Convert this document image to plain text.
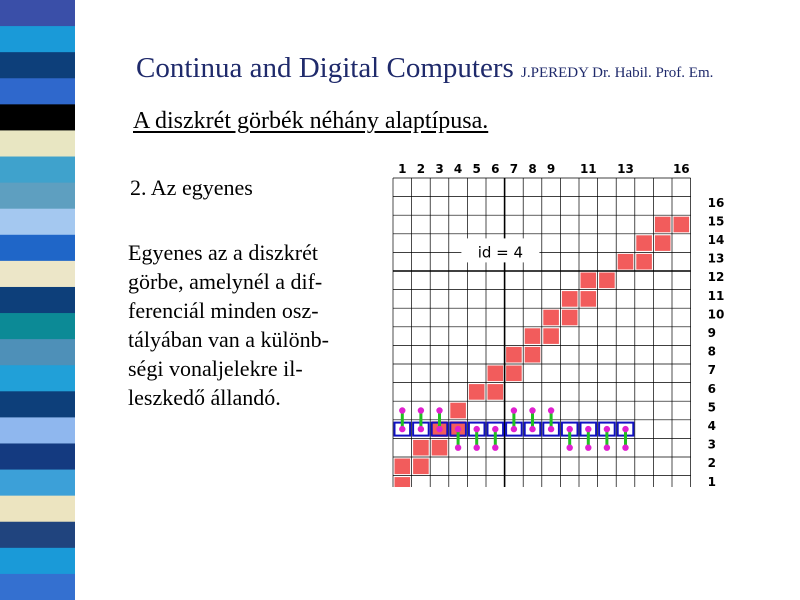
Continua and Digital Computers J.PEREDY Dr. Habil. Prof. Em.
A diszkrét görbék néhány alaptípusa.
2. Az egyenes
Egyenes az a diszkrét
görbe, amelynél a dif-
ferenciál minden osz-
tályában van a különb-
ségi vonaljelekre il-
leszkedő állandó.
1 2 3 4 5 6 7 8 9 11 13	16
16
15
14
13
12
11
10
9
8
7
6
5
4
3
2
1
id = 4
